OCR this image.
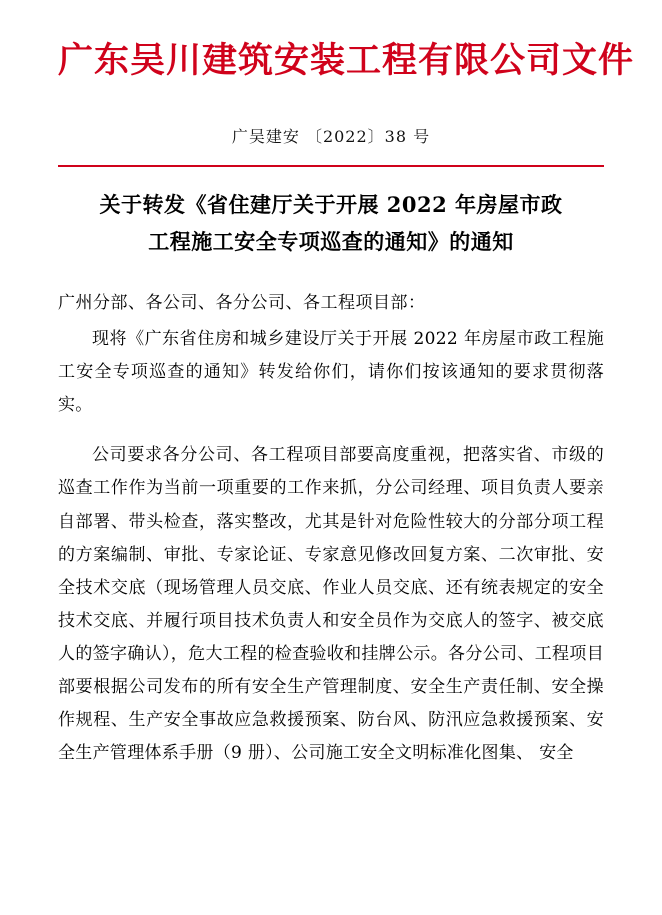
广东吴川建筑安装工程有限公司文件
广吴建安 〔2022〕38 号
关于转发《省住建厅关于开展 2022 年房屋市政
工程施工安全专项巡查的通知》的通知
广州分部、各公司、各分公司、各工程项目部：

现将《广东省住房和城乡建设厅关于开展 2022 年房屋市政工程施工安全专项巡查的通知》转发给你们，请你们按该通知的要求贯彻落实。

公司要求各分公司、各工程项目部要高度重视，把落实省、市级的巡查工作作为当前一项重要的工作来抓，分公司经理、项目负责人要亲自部署、带头检查，落实整改，尤其是针对危险性较大的分部分项工程的方案编制、审批、专家论证、专家意见修改回复方案、二次审批、安全技术交底（现场管理人员交底、作业人员交底、还有统表规定的安全技术交底、并履行项目技术负责人和安全员作为交底人的签字、被交底人的签字确认），危大工程的检查验收和挂牌公示。各分公司、工程项目部要根据公司发布的所有安全生产管理制度、安全生产责任制、安全操作规程、生产安全事故应急救援预案、防台风、防汛应急救援预案、安全生产管理体系手册（9 册）、公司施工安全文明标准化图集、 安全
